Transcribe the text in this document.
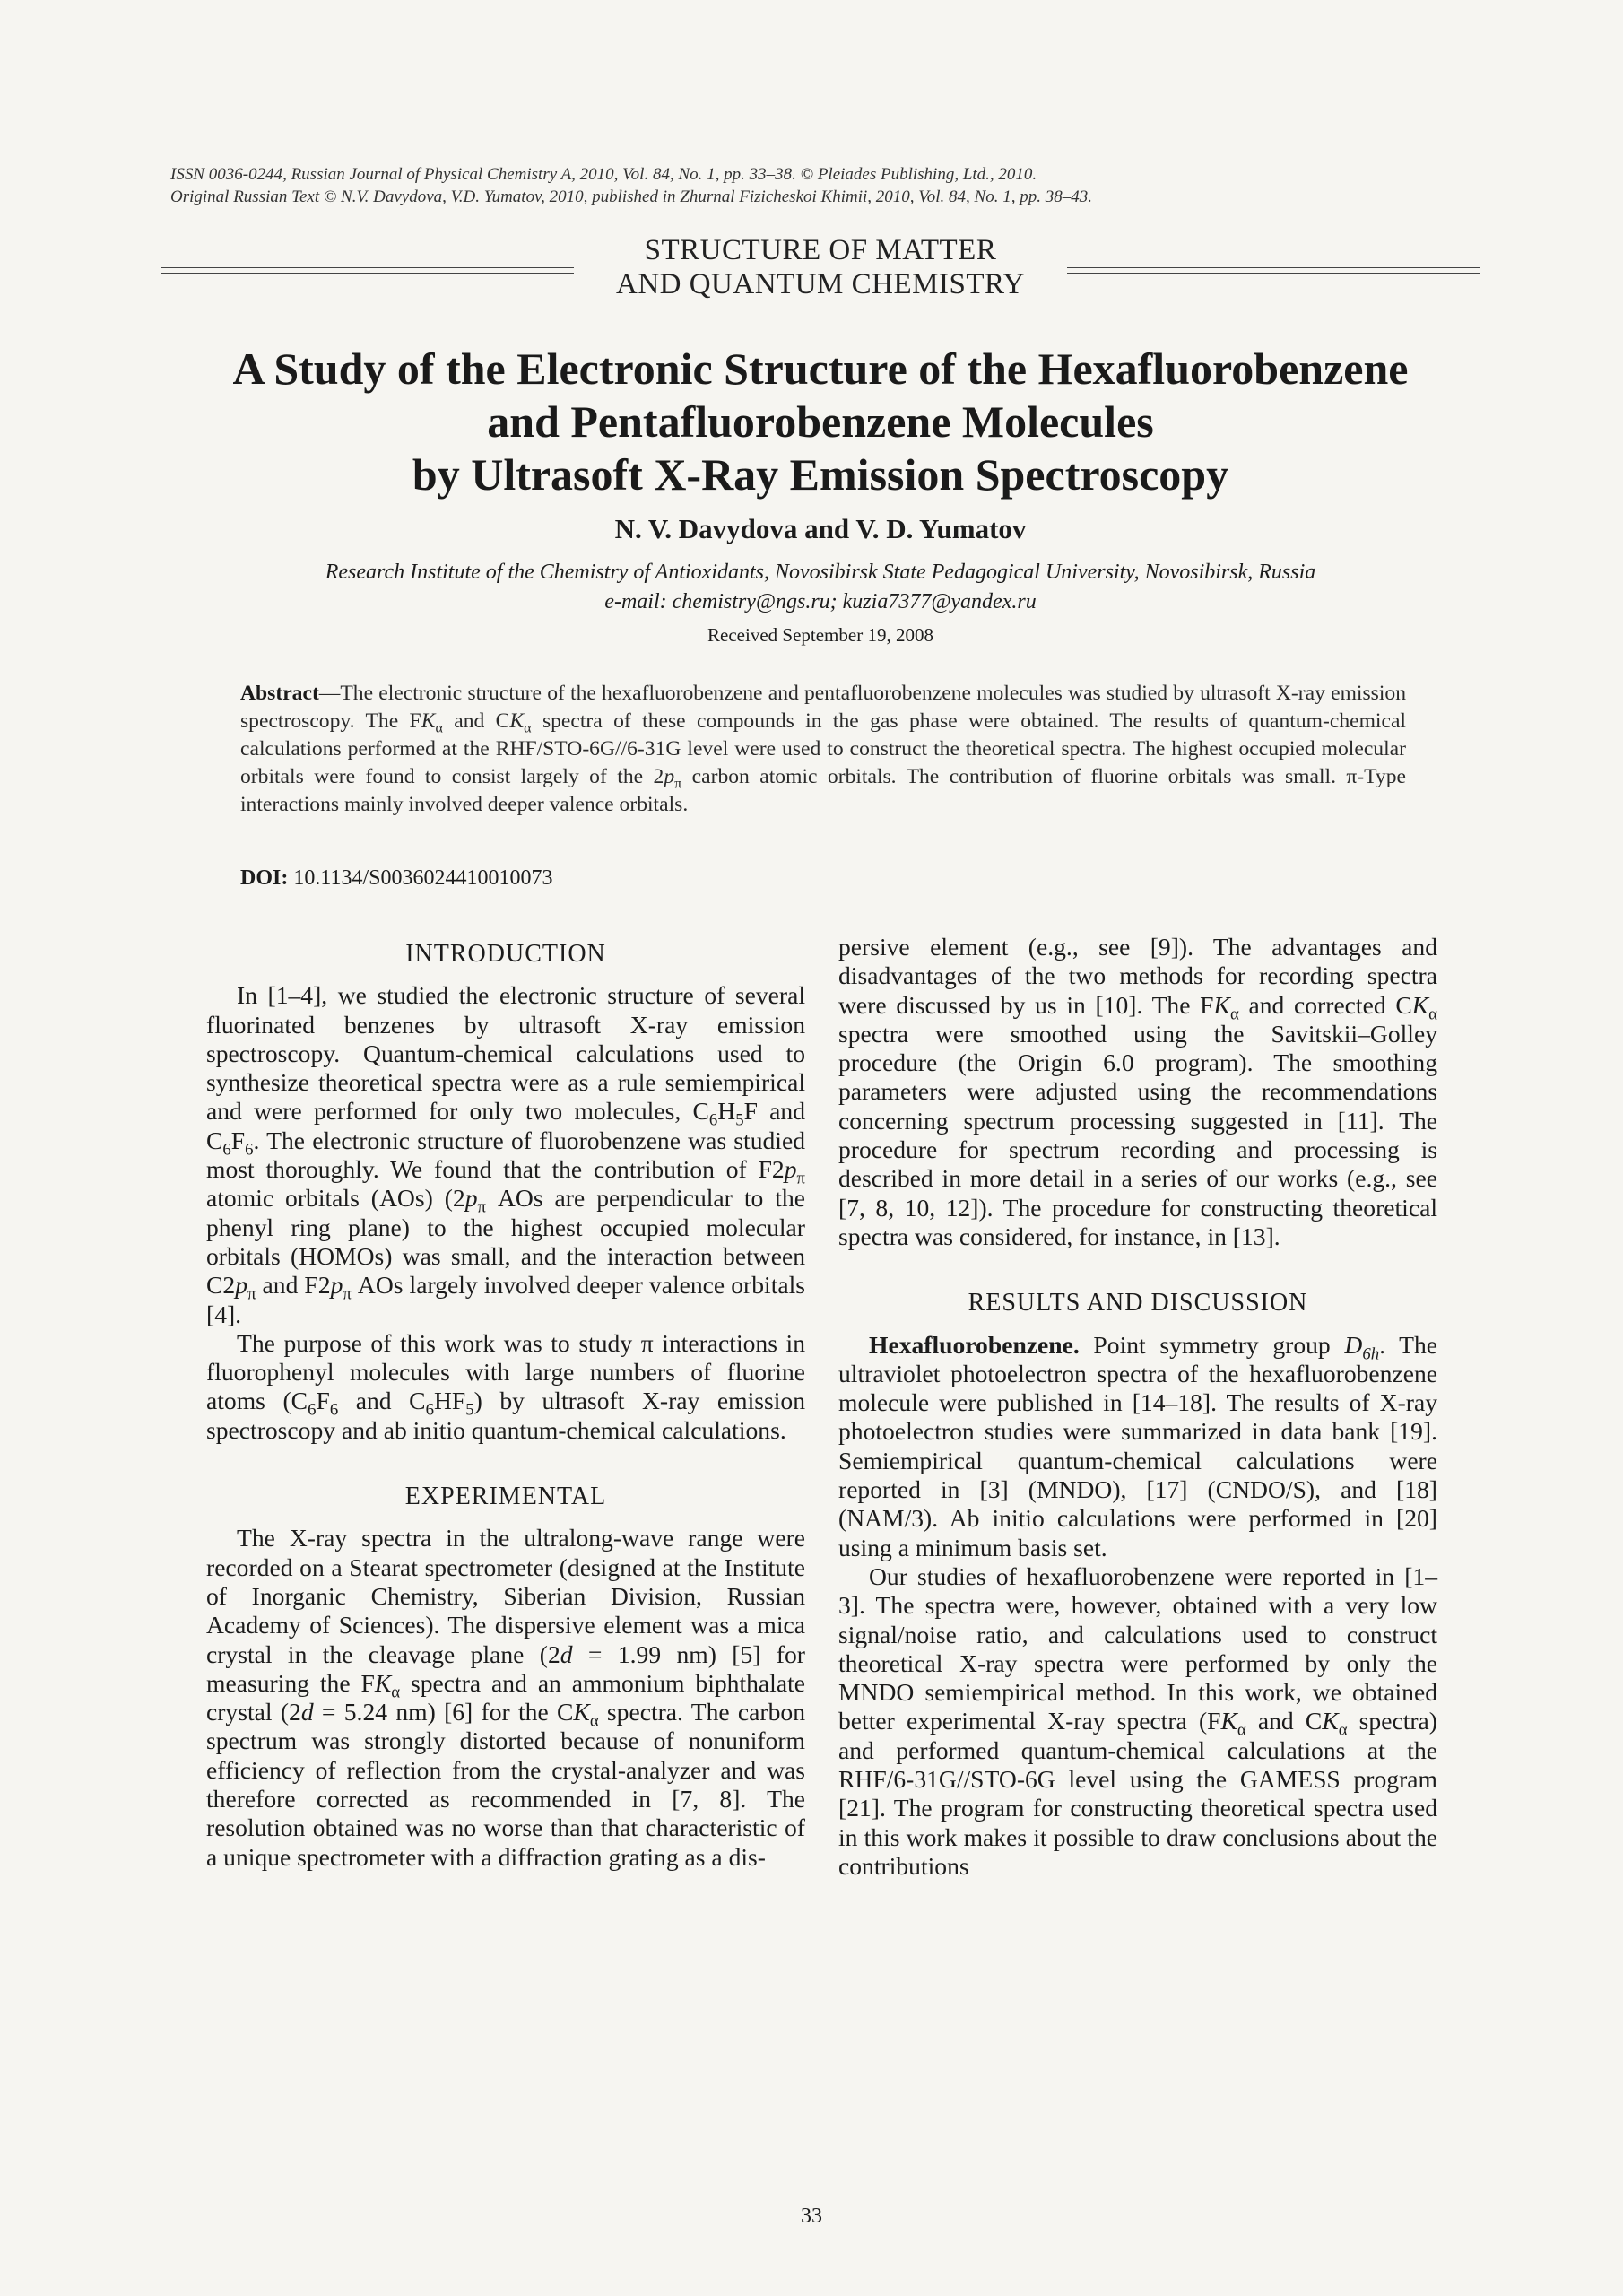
ISSN 0036-0244, Russian Journal of Physical Chemistry A, 2010, Vol. 84, No. 1, pp. 33–38. © Pleiades Publishing, Ltd., 2010.
Original Russian Text © N.V. Davydova, V.D. Yumatov, 2010, published in Zhurnal Fizicheskoi Khimii, 2010, Vol. 84, No. 1, pp. 38–43.
STRUCTURE OF MATTER
AND QUANTUM CHEMISTRY
A Study of the Electronic Structure of the Hexafluorobenzene
and Pentafluorobenzene Molecules
by Ultrasoft X-Ray Emission Spectroscopy
N. V. Davydova and V. D. Yumatov
Research Institute of the Chemistry of Antioxidants, Novosibirsk State Pedagogical University, Novosibirsk, Russia
e-mail: chemistry@ngs.ru; kuzia7377@yandex.ru
Received September 19, 2008
Abstract—The electronic structure of the hexafluorobenzene and pentafluorobenzene molecules was studied by ultrasoft X-ray emission spectroscopy. The $FK_\alpha$ and $CK_\alpha$ spectra of these compounds in the gas phase were obtained. The results of quantum-chemical calculations performed at the RHF/STO-6G//6-31G level were used to construct the theoretical spectra. The highest occupied molecular orbitals were found to consist largely of the $2p_\pi$ carbon atomic orbitals. The contribution of fluorine orbitals was small. π-Type interactions mainly involved deeper valence orbitals.
DOI: 10.1134/S0036024410010073
INTRODUCTION

In [1–4], we studied the electronic structure of several fluorinated benzenes by ultrasoft X-ray emission spectroscopy. Quantum-chemical calculations used to synthesize theoretical spectra were as a rule semiempirical and were performed for only two molecules, $C_6H_5F$ and $C_6F_6$. The electronic structure of fluorobenzene was studied most thoroughly. We found that the contribution of $F2p_\pi$ atomic orbitals (AOs) ($2p_\pi$ AOs are perpendicular to the phenyl ring plane) to the highest occupied molecular orbitals (HOMOs) was small, and the interaction between $C2p_\pi$ and $F2p_\pi$ AOs largely involved deeper valence orbitals [4].

The purpose of this work was to study π interactions in fluorophenyl molecules with large numbers of fluorine atoms ($C_6F_6$ and $C_6HF_5$) by ultrasoft X-ray emission spectroscopy and ab initio quantum-chemical calculations.

EXPERIMENTAL

The X-ray spectra in the ultralong-wave range were recorded on a Stearat spectrometer (designed at the Institute of Inorganic Chemistry, Siberian Division, Russian Academy of Sciences). The dispersive element was a mica crystal in the cleavage plane (2d = 1.99 nm) [5] for measuring the $FK_\alpha$ spectra and an ammonium biphthalate crystal (2d = 5.24 nm) [6] for the $CK_\alpha$ spectra. The carbon spectrum was strongly distorted because of nonuniform efficiency of reflection from the crystal-analyzer and was therefore corrected as recommended in [7, 8]. The resolution obtained was no worse than that characteristic of a unique spectrometer with a diffraction grating as a dis-

persive element (e.g., see [9]). The advantages and disadvantages of the two methods for recording spectra were discussed by us in [10]. The $FK_\alpha$ and corrected $CK_\alpha$ spectra were smoothed using the Savitskii–Golley procedure (the Origin 6.0 program). The smoothing parameters were adjusted using the recommendations concerning spectrum processing suggested in [11]. The procedure for spectrum recording and processing is described in more detail in a series of our works (e.g., see [7, 8, 10, 12]). The procedure for constructing theoretical spectra was considered, for instance, in [13].

RESULTS AND DISCUSSION

Hexafluorobenzene. Point symmetry group $D_{6h}$. The ultraviolet photoelectron spectra of the hexafluorobenzene molecule were published in [14–18]. The results of X-ray photoelectron studies were summarized in data bank [19]. Semiempirical quantum-chemical calculations were reported in [3] (MNDO), [17] (CNDO/S), and [18] (NAM/3). Ab initio calculations were performed in [20] using a minimum basis set.

Our studies of hexafluorobenzene were reported in [1–3]. The spectra were, however, obtained with a very low signal/noise ratio, and calculations used to construct theoretical X-ray spectra were performed by only the MNDO semiempirical method. In this work, we obtained better experimental X-ray spectra ($FK_\alpha$ and $CK_\alpha$ spectra) and performed quantum-chemical calculations at the RHF/6-31G//STO-6G level using the GAMESS program [21]. The program for constructing theoretical spectra used in this work makes it possible to draw conclusions about the contributions

33
